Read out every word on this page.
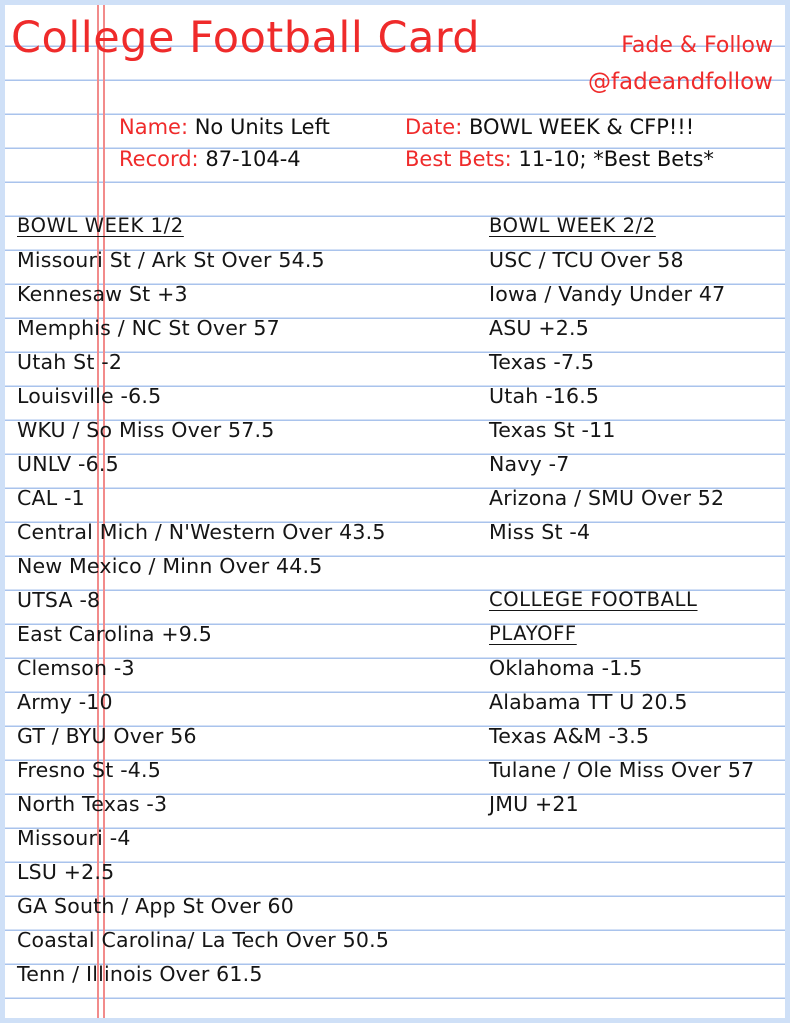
College Football Card	Fade & Follow
@fadeandfollow
Name: No Units Left
Record: 87-104-4
Date: BOWL WEEK & CFP!!!
Best Bets: 11-10; *Best Bets*
BOWL WEEK 1/2
Missouri St / Ark St Over 54.5
Kennesaw St +3
Memphis / NC St Over 57
Utah St -2
Louisville -6.5
WKU / So Miss Over 57.5
UNLV -6.5
CAL -1
Central Mich / N'Western Over 43.5
New Mexico / Minn Over 44.5
UTSA -8
East Carolina +9.5
Clemson -3
Army -10
GT / BYU Over 56
Fresno St -4.5
North Texas -3
Missouri -4
LSU +2.5
GA South / App St Over 60
Coastal Carolina/ La Tech Over 50.5
Tenn / Illinois Over 61.5
BOWL WEEK 2/2
USC / TCU Over 58
Iowa / Vandy Under 47
ASU +2.5
Texas -7.5
Utah -16.5
Texas St -11
Navy -7
Arizona / SMU Over 52
Miss St -4
COLLEGE FOOTBALL
PLAYOFF
Oklahoma -1.5
Alabama TT U 20.5
Texas A&M -3.5
Tulane / Ole Miss Over 57
JMU +21
